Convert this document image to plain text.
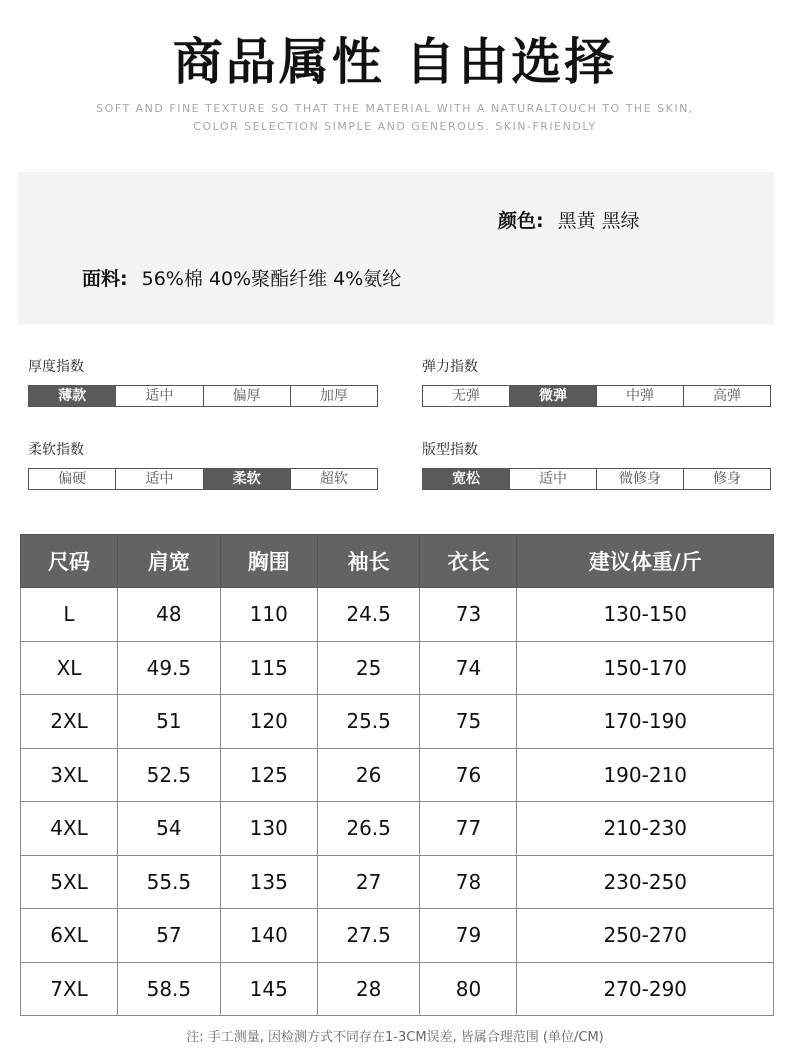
商品属性 自由选择
SOFT AND FINE TEXTURE SO THAT THE MATERIAL WITH A NATURALTOUCH TO THE SKIN,
COLOR SELECTION SIMPLE AND GENEROUS. SKIN-FRIENDLY
颜色: 黑黄 黑绿
面料: 56%棉 40%聚酯纤维 4%氨纶
厚度指数
薄款	适中	偏厚	加厚
弹力指数
无弹	微弹	中弹	高弹
柔软指数
偏硬	适中	柔软	超软
版型指数
宽松	适中	微修身	修身
尺码	肩宽	胸围	袖长	衣长	建议体重/斤
L	48	110	24.5	73	130-150
XL	49.5	115	25	74	150-170
2XL	51	120	25.5	75	170-190
3XL	52.5	125	26	76	190-210
4XL	54	130	26.5	77	210-230
5XL	55.5	135	27	78	230-250
6XL	57	140	27.5	79	250-270
7XL	58.5	145	28	80	270-290
注: 手工测量, 因检测方式不同存在1-3CM误差, 皆属合理范围 (单位/CM)
